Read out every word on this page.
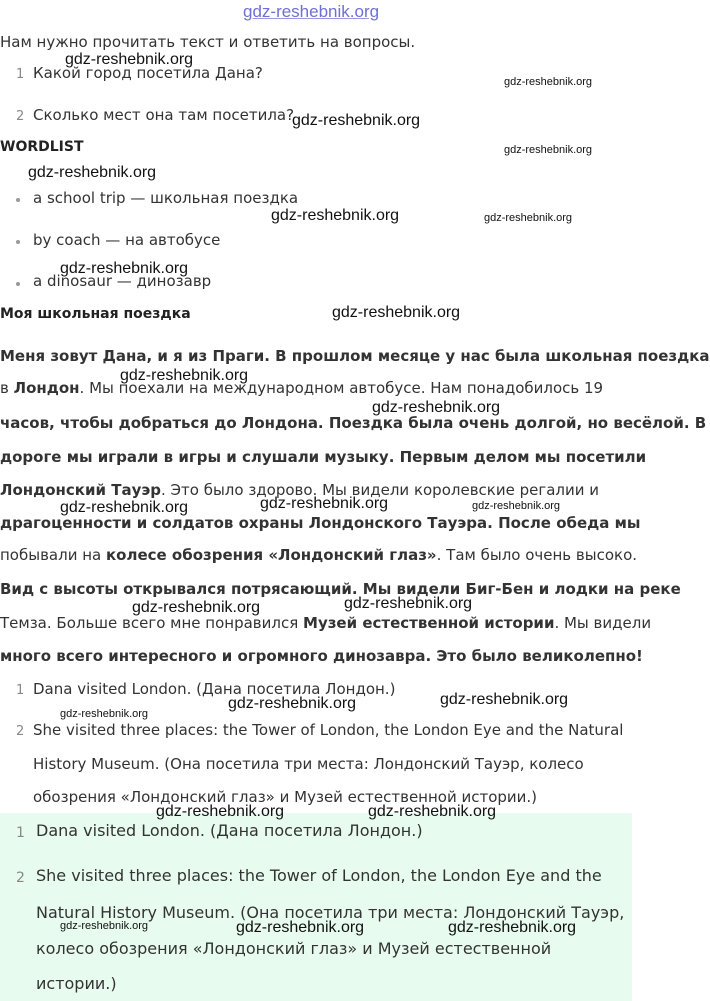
gdz-reshebnik.org
Нам нужно прочитать текст и ответить на вопросы.
1 Какой город посетила Дана?
2 Сколько мест она там посетила?
WORDLIST
a school trip — школьная поездка
by coach — на автобусе
a dinosaur — динозавр
Моя школьная поездка
Меня зовут Дана, и я из Праги. В прошлом месяце у нас была школьная поездка
в Лондон. Мы поехали на международном автобусе. Нам понадобилось 19
часов, чтобы добраться до Лондона. Поездка была очень долгой, но весёлой. В
дороге мы играли в игры и слушали музыку. Первым делом мы посетили
Лондонский Тауэр. Это было здорово. Мы видели королевские регалии и
драгоценности и солдатов охраны Лондонского Тауэра. После обеда мы
побывали на колесе обозрения «Лондонский глаз». Там было очень высоко.
Вид с высоты открывался потрясающий. Мы видели Биг-Бен и лодки на реке
Темза. Больше всего мне понравился Музей естественной истории. Мы видели
много всего интересного и огромного динозавра. Это было великолепно!
1 Dana visited London. (Дана посетила Лондон.)
2 She visited three places: the Tower of London, the London Eye and the Natural
History Museum. (Она посетила три места: Лондонский Тауэр, колесо
обозрения «Лондонский глаз» и Музей естественной истории.)
1 Dana visited London. (Дана посетила Лондон.)
2 She visited three places: the Tower of London, the London Eye and the
Natural History Museum. (Она посетила три места: Лондонский Тауэр,
колесо обозрения «Лондонский глаз» и Музей естественной
истории.)
gdz-reshebnik.org
gdz-reshebnik.org
gdz-reshebnik.org
gdz-reshebnik.org
gdz-reshebnik.org
gdz-reshebnik.org	gdz-reshebnik.org
gdz-reshebnik.org
gdz-reshebnik.org
gdz-reshebnik.org
gdz-reshebnik.org
gdz-reshebnik.org	gdz-reshebnik.org	gdz-reshebnik.org
gdz-reshebnik.org	gdz-reshebnik.org
gdz-reshebnik.org
gdz-reshebnik.org
gdz-reshebnik.org
gdz-reshebnik.org	gdz-reshebnik.org
gdz-reshebnik.org	gdz-reshebnik.org	gdz-reshebnik.org
